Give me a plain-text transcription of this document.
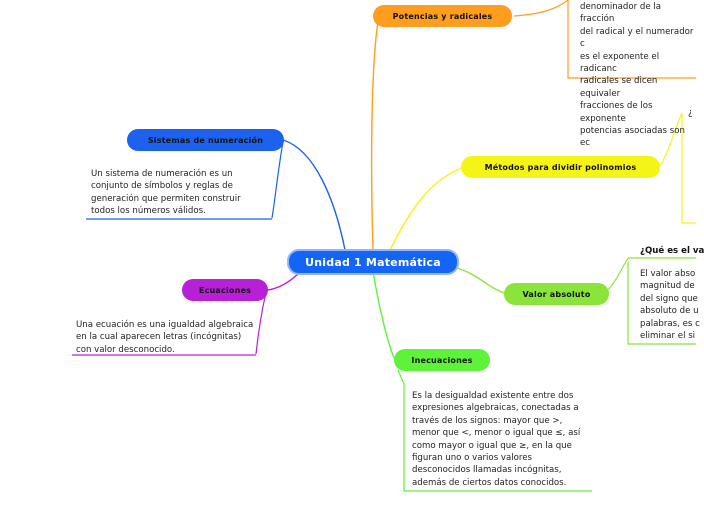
Unidad 1 Matemática
Potencias y radicales
denominador de la fracción
del radical y el numerador c
es el exponente el radicanc
radicales se dicen equivaler
fracciones de los exponente
potencias asociadas son ec
Sistemas de numeración
Un sistema de numeración es un
conjunto de símbolos y reglas de
generación que permiten construir
todos los números válidos.
Métodos para dividir polinomios
¿
Valor absoluto
¿Qué es el va
El valor abso
magnitud de
del signo que
absoluto de u
palabras, es c
eliminar el si
Ecuaciones
Una ecuación es una igualdad algebraica
en la cual aparecen letras (incógnitas)
con valor desconocido.
Inecuaciones
Es la desigualdad existente entre dos
expresiones algebraicas, conectadas a
través de los signos: mayor que >,
menor que <, menor o igual que ≤, así
como mayor o igual que ≥, en la que
figuran uno o varios valores
desconocidos llamadas incógnitas,
además de ciertos datos conocidos.
